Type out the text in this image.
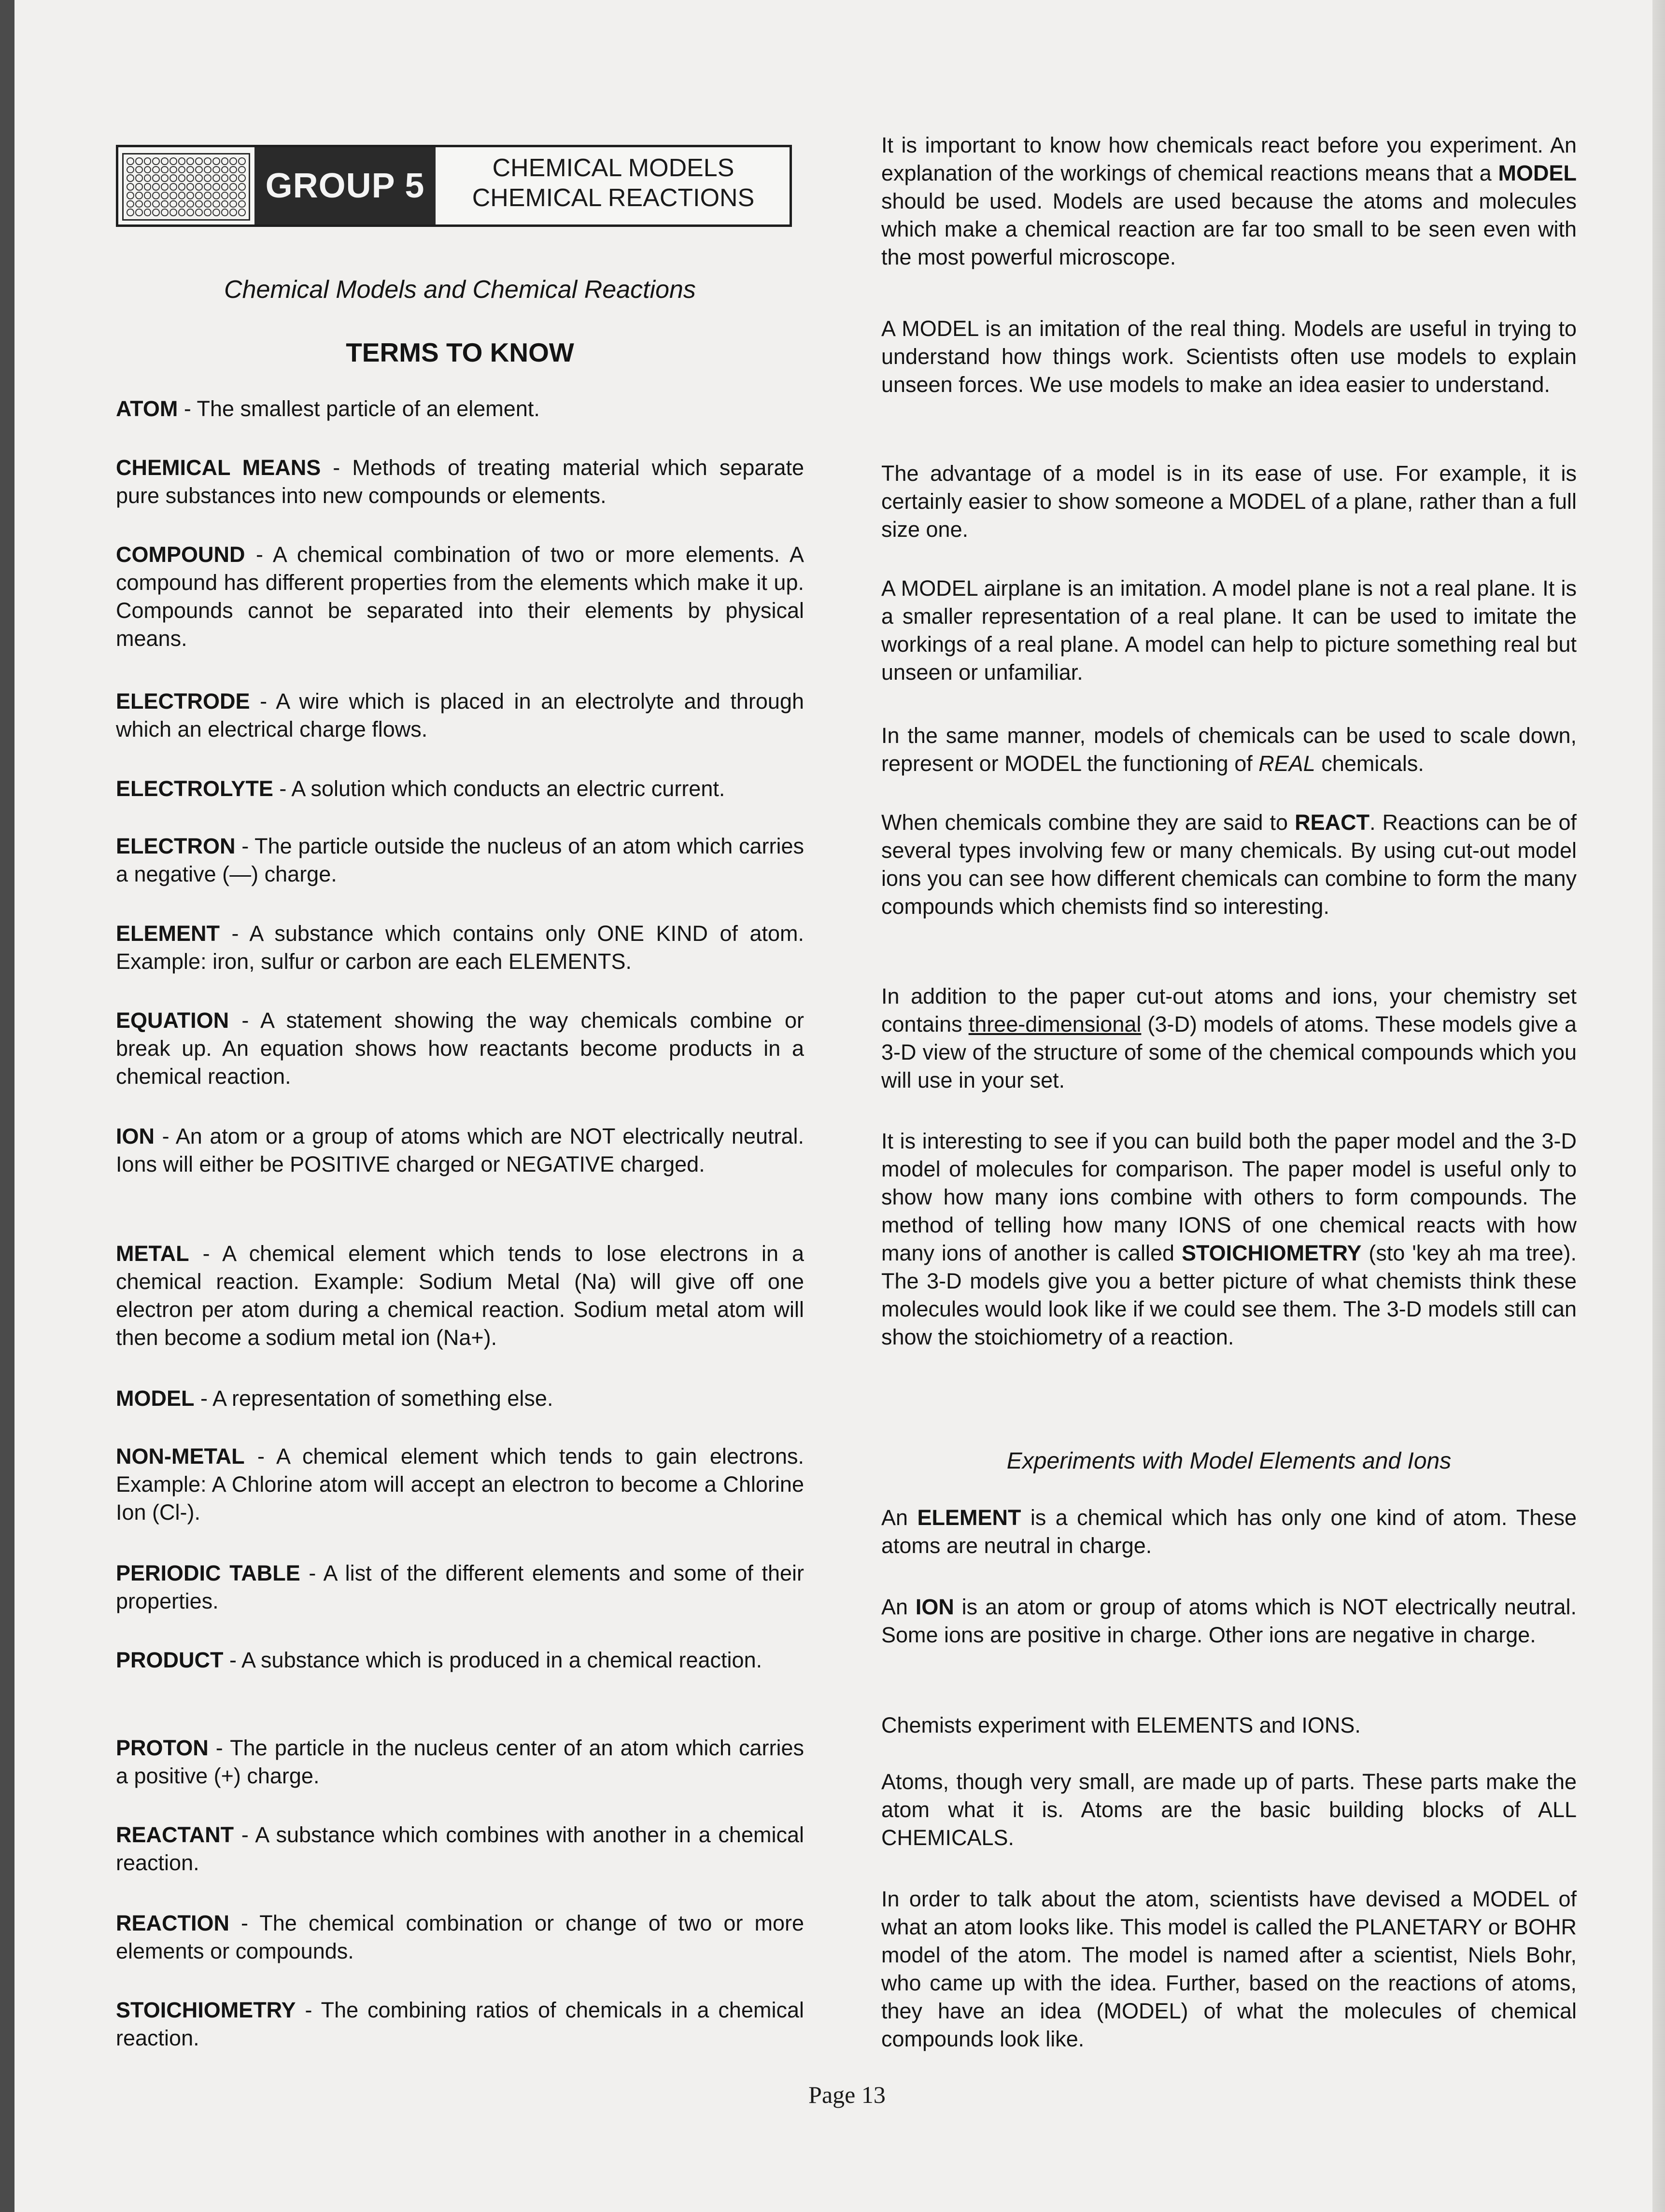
GROUP 5	CHEMICAL MODELS
CHEMICAL REACTIONS
Chemical Models and Chemical Reactions
TERMS TO KNOW

ATOM - The smallest particle of an element.

CHEMICAL MEANS - Methods of treating material which separate pure substances into new compounds or elements.

COMPOUND - A chemical combination of two or more elements. A compound has different properties from the elements which make it up. Compounds cannot be separated into their elements by physical means.

ELECTRODE - A wire which is placed in an electrolyte and through which an electrical charge flows.

ELECTROLYTE - A solution which conducts an electric current.

ELECTRON - The particle outside the nucleus of an atom which carries a negative (—) charge.

ELEMENT - A substance which contains only ONE KIND of atom. Example: iron, sulfur or carbon are each ELEMENTS.

EQUATION - A statement showing the way chemicals combine or break up. An equation shows how reactants become products in a chemical reaction.

ION - An atom or a group of atoms which are NOT electrically neutral. Ions will either be POSITIVE charged or NEGATIVE charged.

METAL - A chemical element which tends to lose electrons in a chemical reaction. Example: Sodium Metal (Na) will give off one electron per atom during a chemical reaction. Sodium metal atom will then become a sodium metal ion (Na+).

MODEL - A representation of something else.

NON-METAL - A chemical element which tends to gain electrons. Example: A Chlorine atom will accept an electron to become a Chlorine Ion (Cl-).

PERIODIC TABLE - A list of the different elements and some of their properties.

PRODUCT - A substance which is produced in a chemical reaction.

PROTON - The particle in the nucleus center of an atom which carries a positive (+) charge.

REACTANT - A substance which combines with another in a chemical reaction.

REACTION - The chemical combination or change of two or more elements or compounds.

STOICHIOMETRY - The combining ratios of chemicals in a chemical reaction.

It is important to know how chemicals react before you experiment. An explanation of the workings of chemical reactions means that a MODEL should be used. Models are used because the atoms and molecules which make a chemical reaction are far too small to be seen even with the most powerful microscope.

A MODEL is an imitation of the real thing. Models are useful in trying to understand how things work. Scientists often use models to explain unseen forces. We use models to make an idea easier to understand.

The advantage of a model is in its ease of use. For example, it is certainly easier to show someone a MODEL of a plane, rather than a full size one.

A MODEL airplane is an imitation. A model plane is not a real plane. It is a smaller representation of a real plane. It can be used to imitate the workings of a real plane. A model can help to picture something real but unseen or unfamiliar.

In the same manner, models of chemicals can be used to scale down, represent or MODEL the functioning of REAL chemicals.

When chemicals combine they are said to REACT. Reactions can be of several types involving few or many chemicals. By using cut-out model ions you can see how different chemicals can combine to form the many compounds which chemists find so interesting.

In addition to the paper cut-out atoms and ions, your chemistry set contains three-dimensional (3-D) models of atoms. These models give a 3-D view of the structure of some of the chemical compounds which you will use in your set.

It is interesting to see if you can build both the paper model and the 3-D model of molecules for comparison. The paper model is useful only to show how many ions combine with others to form compounds. The method of telling how many IONS of one chemical reacts with how many ions of another is called STOICHIOMETRY (sto 'key ah ma tree). The 3-D models give you a better picture of what chemists think these molecules would look like if we could see them. The 3-D models still can show the stoichiometry of a reaction.

Experiments with Model Elements and Ions

An ELEMENT is a chemical which has only one kind of atom. These atoms are neutral in charge.

An ION is an atom or group of atoms which is NOT electrically neutral. Some ions are positive in charge. Other ions are negative in charge.

Chemists experiment with ELEMENTS and IONS.

Atoms, though very small, are made up of parts. These parts make the atom what it is. Atoms are the basic building blocks of ALL CHEMICALS.

In order to talk about the atom, scientists have devised a MODEL of what an atom looks like. This model is called the PLANETARY or BOHR model of the atom. The model is named after a scientist, Niels Bohr, who came up with the idea. Further, based on the reactions of atoms, they have an idea (MODEL) of what the molecules of chemical compounds look like.

Page 13
